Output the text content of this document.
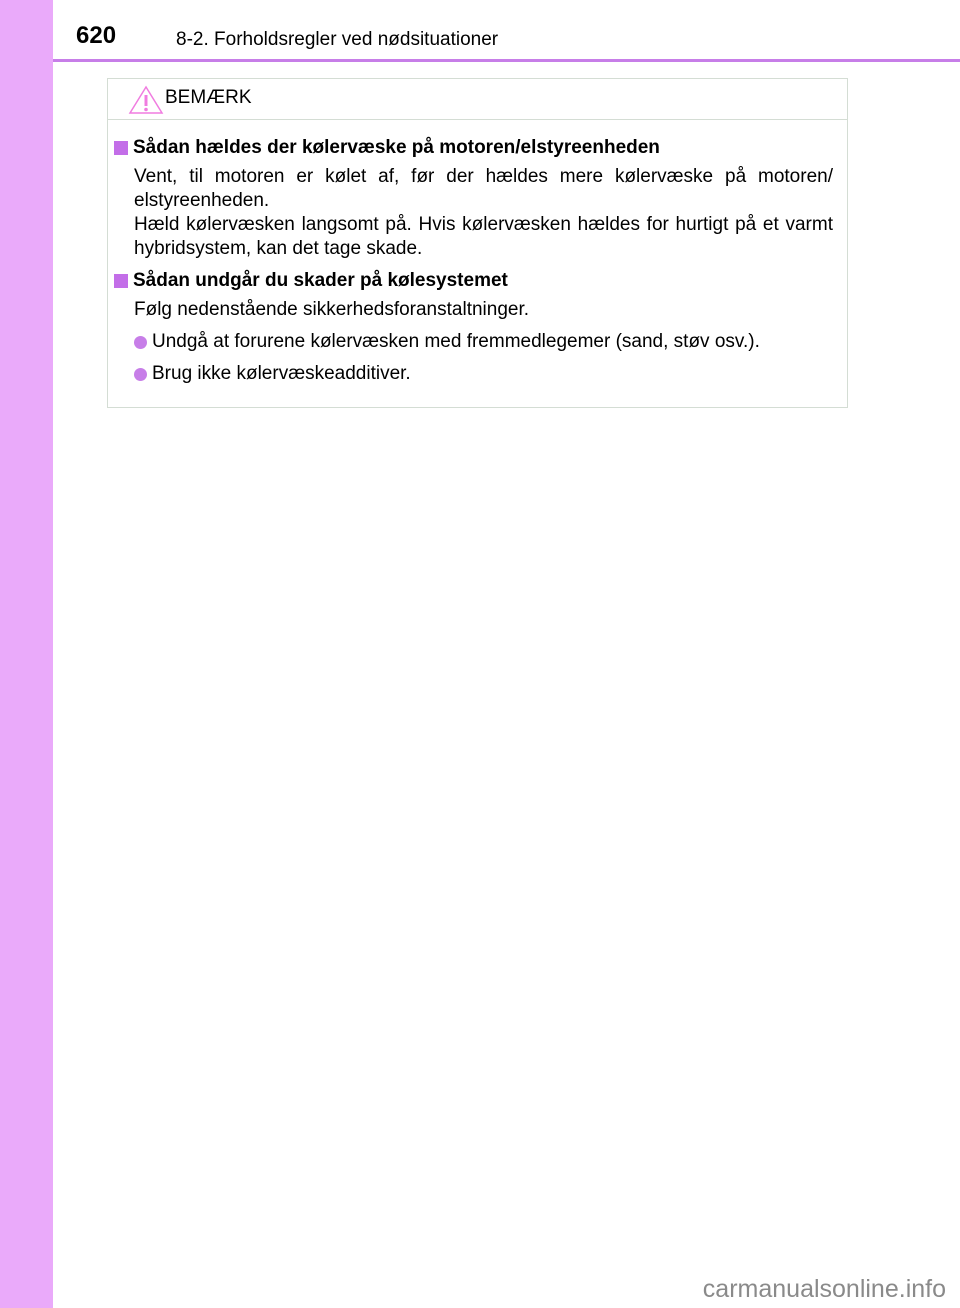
620	8-2. Forholdsregler ved nødsituationer
BEMÆRK
Sådan hældes der kølervæske på motoren/elstyreenheden
Vent, til motoren er kølet af, før der hældes mere kølervæske på motoren/ elstyreenheden.
Hæld kølervæsken langsomt på. Hvis kølervæsken hældes for hurtigt på et varmt hybridsystem, kan det tage skade.
Sådan undgår du skader på kølesystemet
Følg nedenstående sikkerhedsforanstaltninger.
Undgå at forurene kølervæsken med fremmedlegemer (sand, støv osv.).
Brug ikke kølervæskeadditiver.
carmanualsonline.info
